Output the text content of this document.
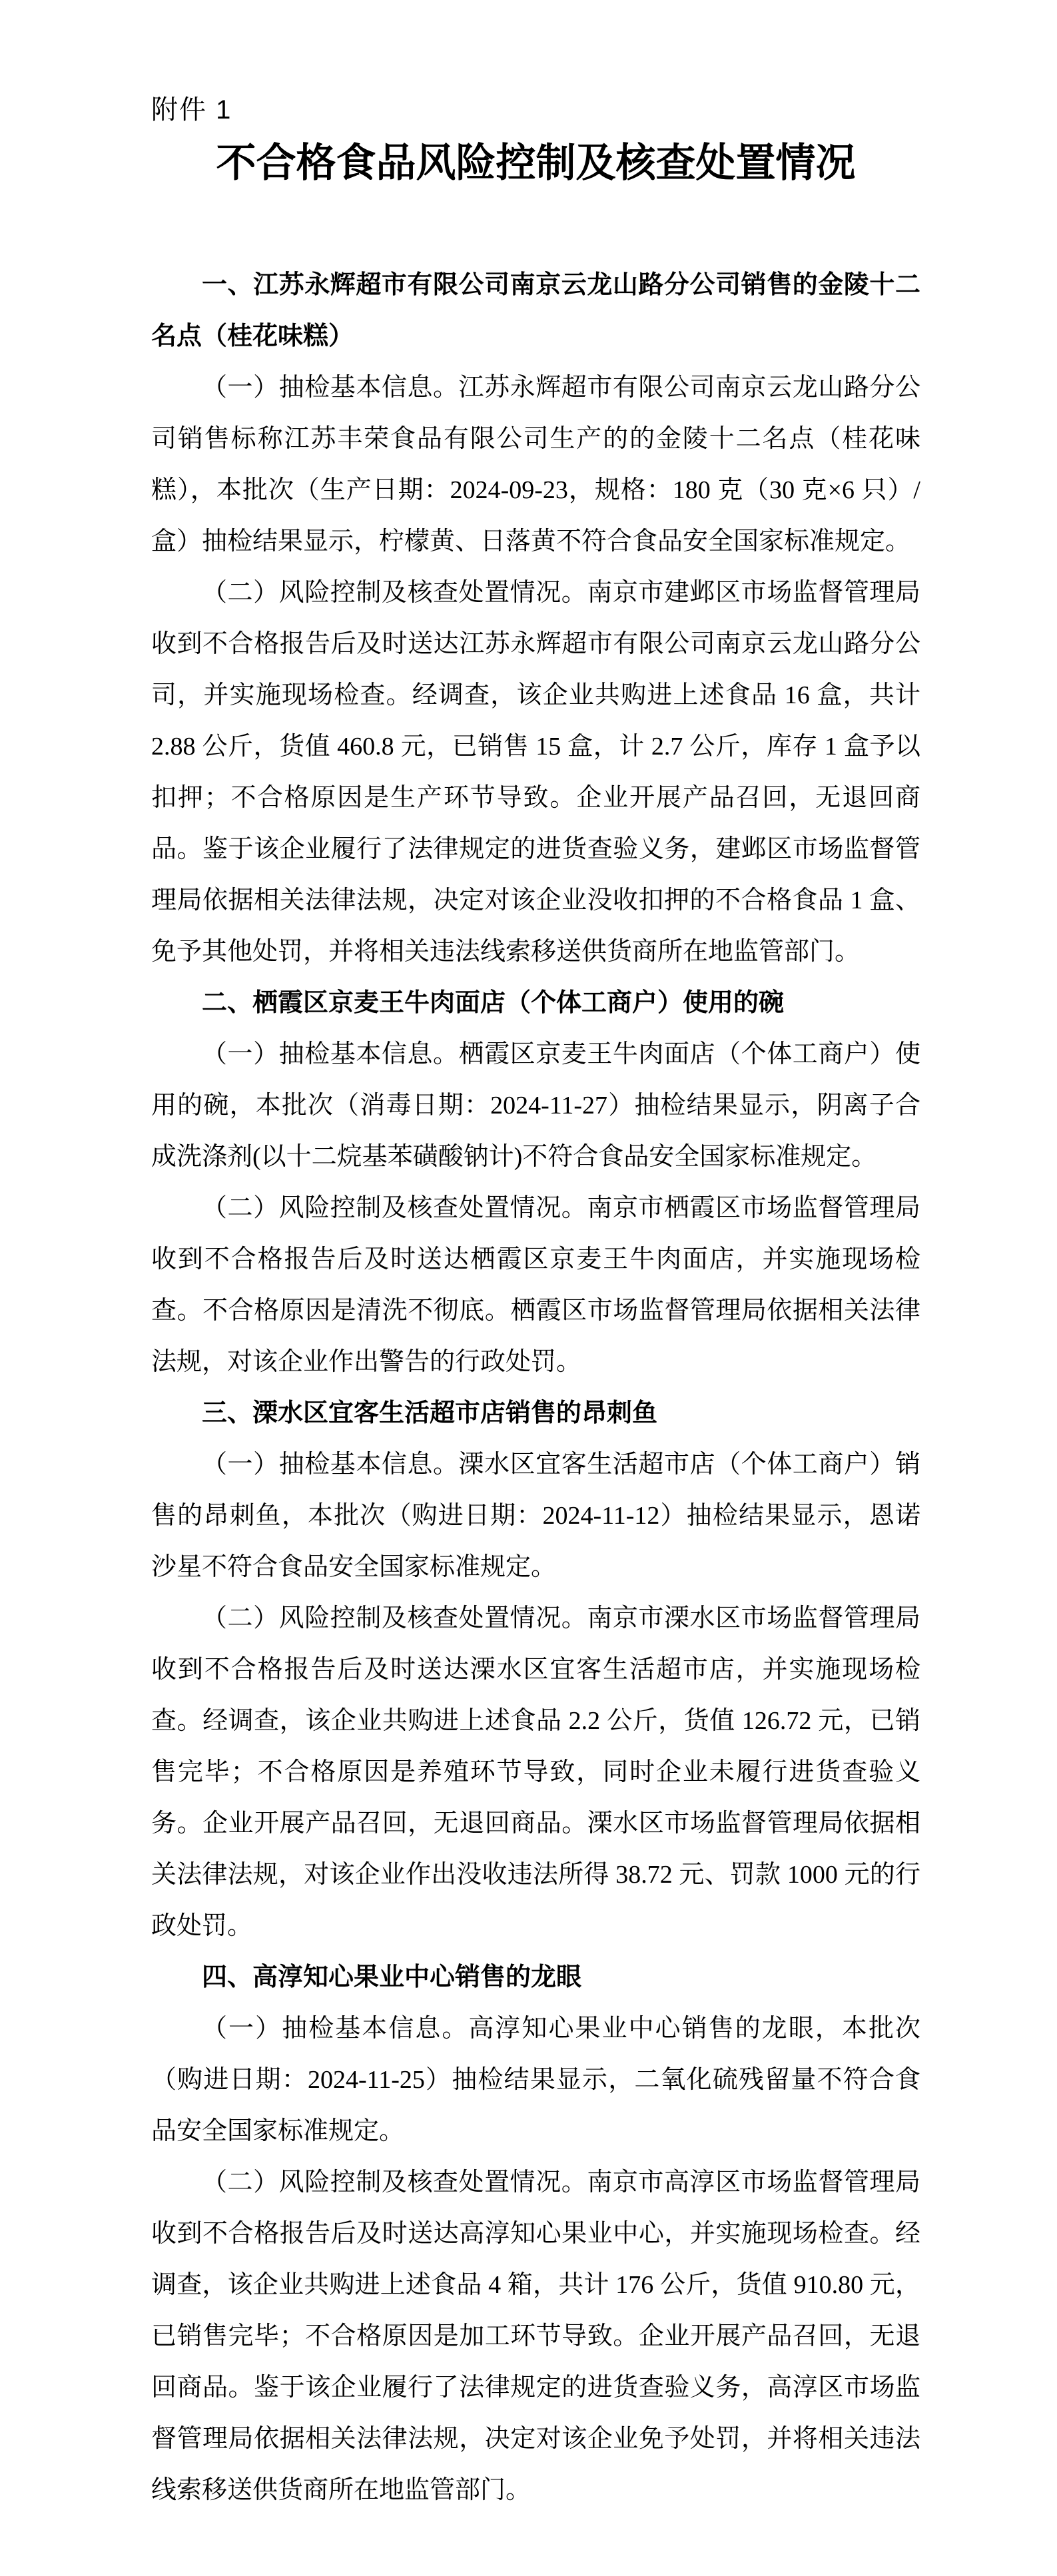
附件 1
不合格食品风险控制及核查处置情况
一、江苏永辉超市有限公司南京云龙山路分公司销售的金陵十二名点（桂花味糕）

（一）抽检基本信息。江苏永辉超市有限公司南京云龙山路分公司销售标称江苏丰荣食品有限公司生产的的金陵十二名点（桂花味糕），本批次（生产日期：2024-09-23，规格：180 克（30 克×6 只）/盒）抽检结果显示，柠檬黄、日落黄不符合食品安全国家标准规定。

（二）风险控制及核查处置情况。南京市建邺区市场监督管理局收到不合格报告后及时送达江苏永辉超市有限公司南京云龙山路分公司，并实施现场检查。经调查，该企业共购进上述食品 16 盒，共计 2.88 公斤，货值 460.8 元，已销售 15 盒，计 2.7 公斤，库存 1 盒予以扣押；不合格原因是生产环节导致。企业开展产品召回，无退回商品。鉴于该企业履行了法律规定的进货查验义务，建邺区市场监督管理局依据相关法律法规，决定对该企业没收扣押的不合格食品 1 盒、免予其他处罚，并将相关违法线索移送供货商所在地监管部门。

二、栖霞区京麦王牛肉面店（个体工商户）使用的碗

（一）抽检基本信息。栖霞区京麦王牛肉面店（个体工商户）使用的碗，本批次（消毒日期：2024-11-27）抽检结果显示，阴离子合成洗涤剂(以十二烷基苯磺酸钠计)不符合食品安全国家标准规定。

（二）风险控制及核查处置情况。南京市栖霞区市场监督管理局收到不合格报告后及时送达栖霞区京麦王牛肉面店，并实施现场检查。不合格原因是清洗不彻底。栖霞区市场监督管理局依据相关法律法规，对该企业作出警告的行政处罚。

三、溧水区宜客生活超市店销售的昂刺鱼

（一）抽检基本信息。溧水区宜客生活超市店（个体工商户）销售的昂刺鱼，本批次（购进日期：2024-11-12）抽检结果显示，恩诺沙星不符合食品安全国家标准规定。

（二）风险控制及核查处置情况。南京市溧水区市场监督管理局收到不合格报告后及时送达溧水区宜客生活超市店，并实施现场检查。经调查，该企业共购进上述食品 2.2 公斤，货值 126.72 元，已销售完毕；不合格原因是养殖环节导致，同时企业未履行进货查验义务。企业开展产品召回，无退回商品。溧水区市场监督管理局依据相关法律法规，对该企业作出没收违法所得 38.72 元、罚款 1000 元的行政处罚。

四、高淳知心果业中心销售的龙眼

（一）抽检基本信息。高淳知心果业中心销售的龙眼，本批次（购进日期：2024-11-25）抽检结果显示，二氧化硫残留量不符合食品安全国家标准规定。

（二）风险控制及核查处置情况。南京市高淳区市场监督管理局收到不合格报告后及时送达高淳知心果业中心，并实施现场检查。经调查，该企业共购进上述食品 4 箱，共计 176 公斤，货值 910.80 元，已销售完毕；不合格原因是加工环节导致。企业开展产品召回，无退回商品。鉴于该企业履行了法律规定的进货查验义务，高淳区市场监督管理局依据相关法律法规，决定对该企业免予处罚，并将相关违法线索移送供货商所在地监管部门。
